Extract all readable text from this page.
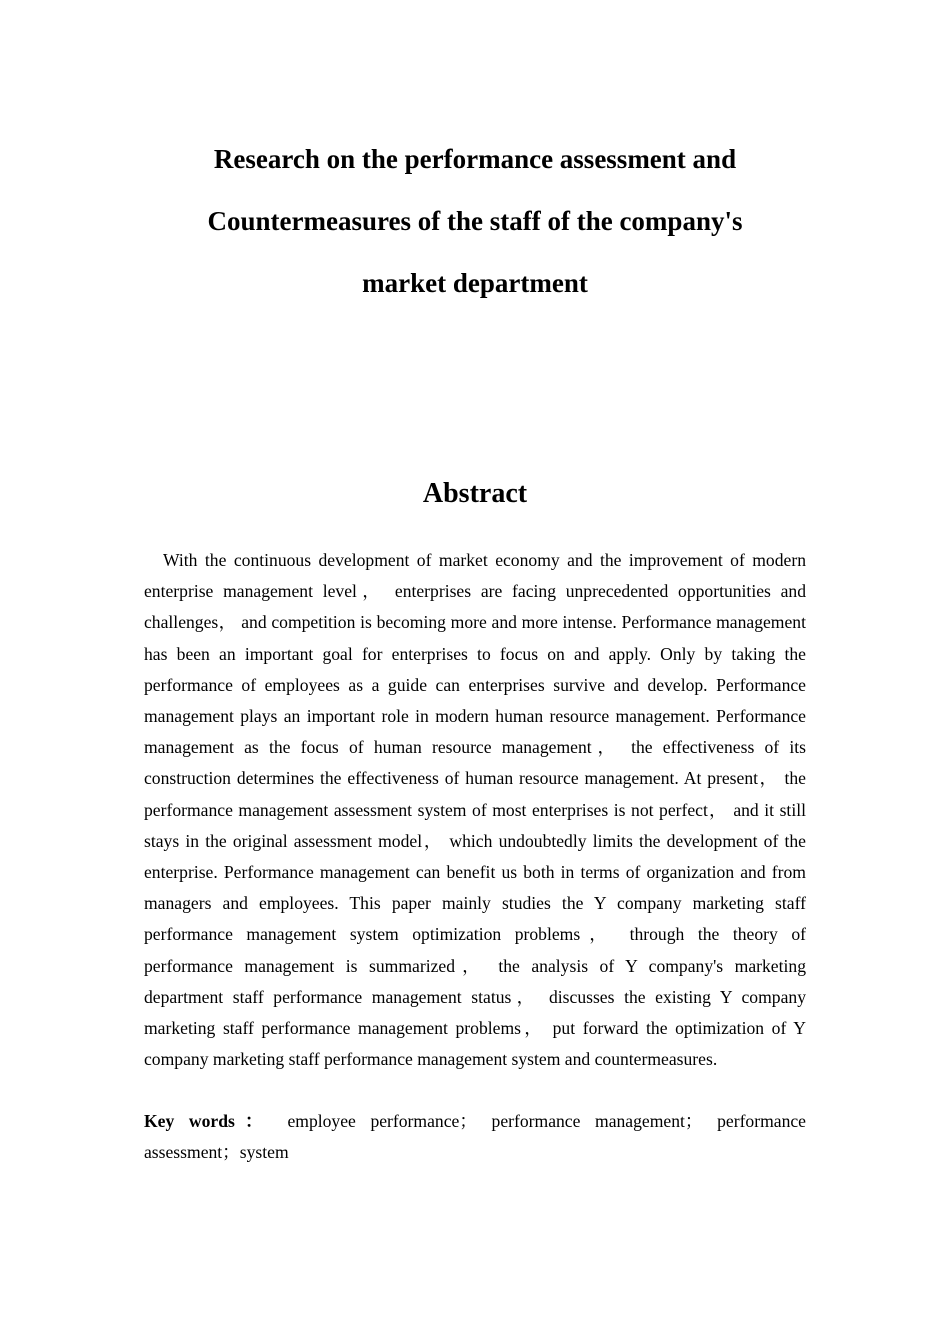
Research on the performance assessment and
Countermeasures of the staff of the company's
market department
Abstract

With the continuous development of market economy and the improvement of modern enterprise management level， enterprises are facing unprecedented opportunities and challenges， and competition is becoming more and more intense. Performance management has been an important goal for enterprises to focus on and apply. Only by taking the performance of employees as a guide can enterprises survive and develop. Performance management plays an important role in modern human resource management. Performance management as the focus of human resource management， the effectiveness of its construction determines the effectiveness of human resource management. At present， the performance management assessment system of most enterprises is not perfect， and it still stays in the original assessment model， which undoubtedly limits the development of the enterprise. Performance management can benefit us both in terms of organization and from managers and employees. This paper mainly studies the Y company marketing staff performance management system optimization problems， through the theory of performance management is summarized， the analysis of Y company's marketing department staff performance management status， discusses the existing Y company marketing staff performance management problems， put forward the optimization of Y company marketing staff performance management system and countermeasures.

Key words： employee performance； performance management； performance assessment；system
